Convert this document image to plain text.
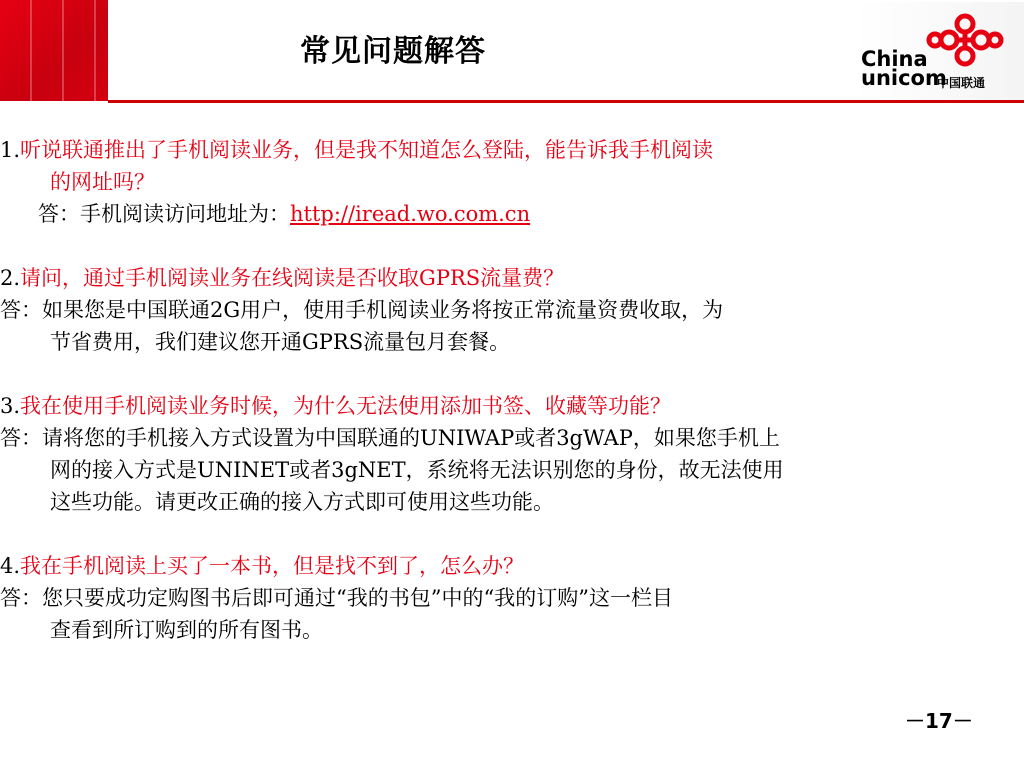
常见问题解答	China
unicom
中国联通
1.听说联通推出了手机阅读业务，但是我不知道怎么登陆，能告诉我手机阅读
的网址吗？
答：手机阅读访问地址为：http://iread.wo.com.cn
2.请问，通过手机阅读业务在线阅读是否收取GPRS流量费？
答：如果您是中国联通2G用户，使用手机阅读业务将按正常流量资费收取，为
节省费用，我们建议您开通GPRS流量包月套餐。
3.我在使用手机阅读业务时候，为什么无法使用添加书签、收藏等功能？
答：请将您的手机接入方式设置为中国联通的UNIWAP或者3gWAP，如果您手机上
网的接入方式是UNINET或者3gNET，系统将无法识别您的身份，故无法使用
这些功能。请更改正确的接入方式即可使用这些功能。
4.我在手机阅读上买了一本书，但是找不到了，怎么办？
答：您只要成功定购图书后即可通过“我的书包”中的“我的订购”这一栏目
查看到所订购到的所有图书。
－17－
